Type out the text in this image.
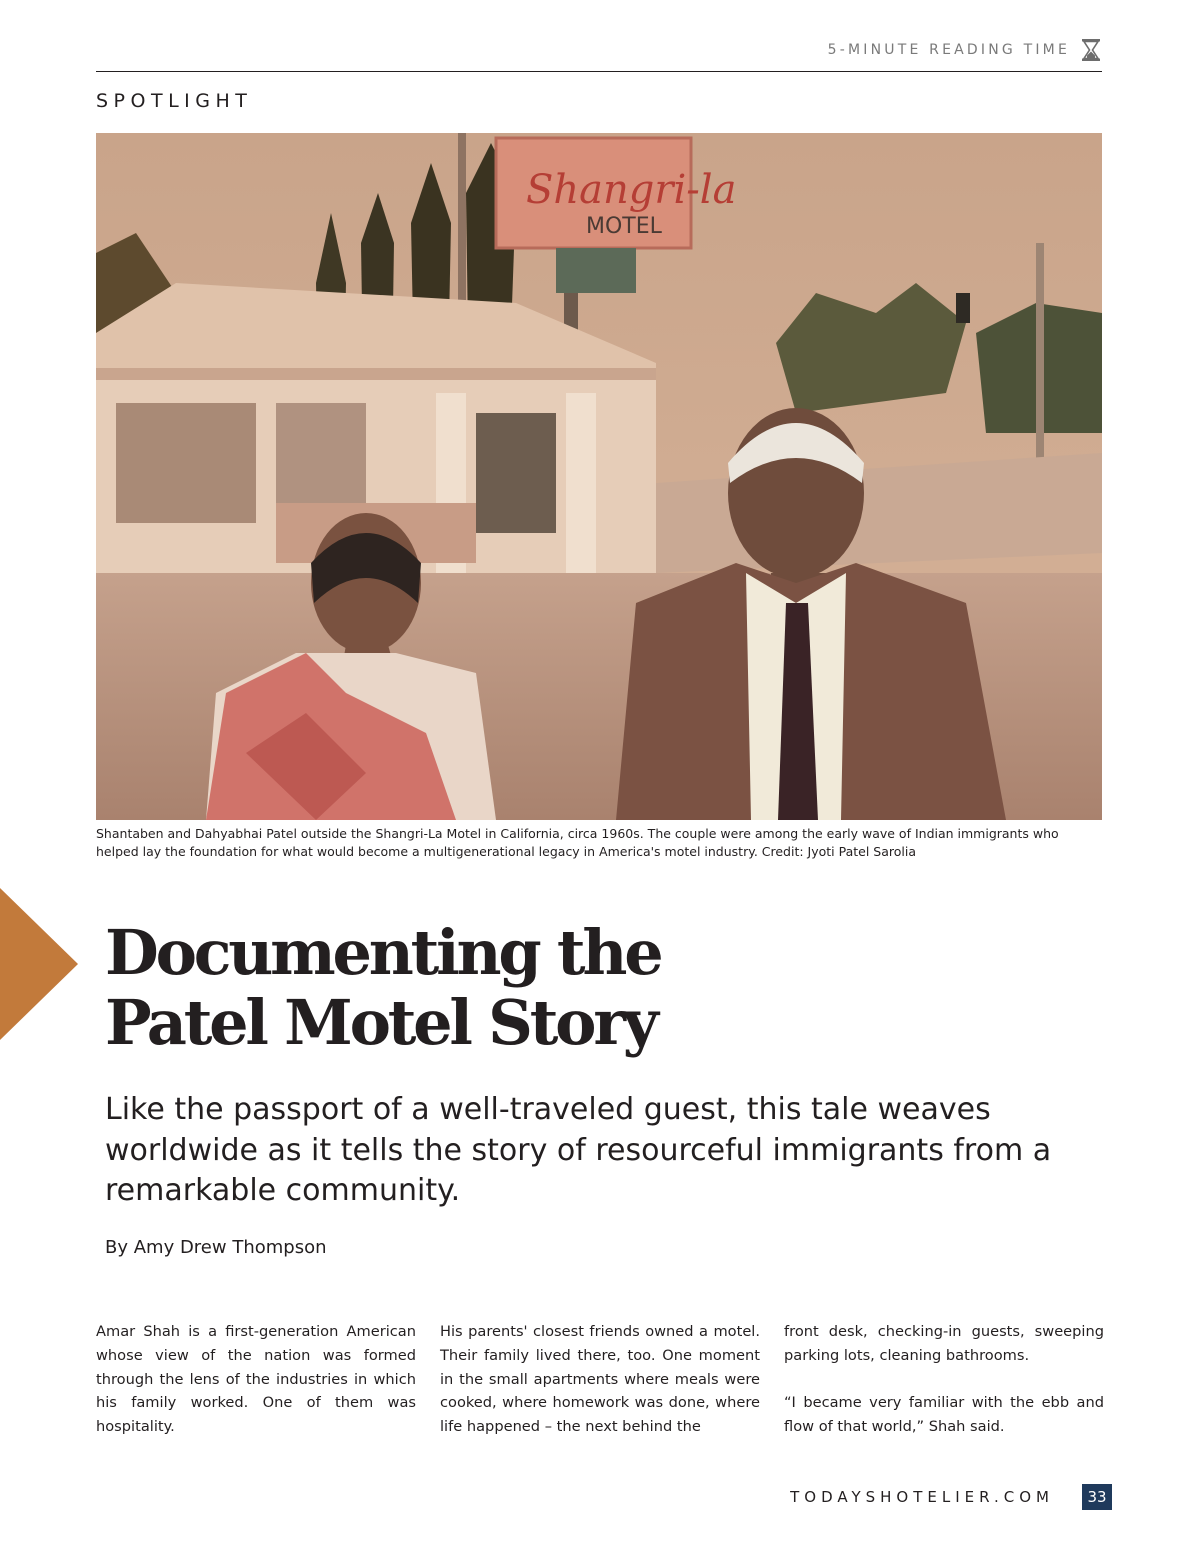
5-MINUTE READING TIME
SPOTLIGHT
Shangri-la
MOTEL
Shantaben and Dahyabhai Patel outside the Shangri-La Motel in California, circa 1960s. The couple were among the early wave of Indian immigrants who helped lay the foundation for what would become a multigenerational legacy in America's motel industry. Credit: Jyoti Patel Sarolia
Documenting the
Patel Motel Story

Like the passport of a well-traveled guest, this tale weaves worldwide as it tells the story of resourceful immigrants from a remarkable community.

By Amy Drew Thompson

Amar Shah is a first-generation American whose view of the nation was formed through the lens of the industries in which his family worked. One of them was hospitality.

His parents' closest friends owned a motel. Their family lived there, too. One moment in the small apartments where meals were cooked, where homework was done, where life happened – the next behind the

front desk, checking-in guests, sweeping parking lots, cleaning bathrooms.

“I became very familiar with the ebb and flow of that world,” Shah said.

TODAYSHOTELIER.COM	33
